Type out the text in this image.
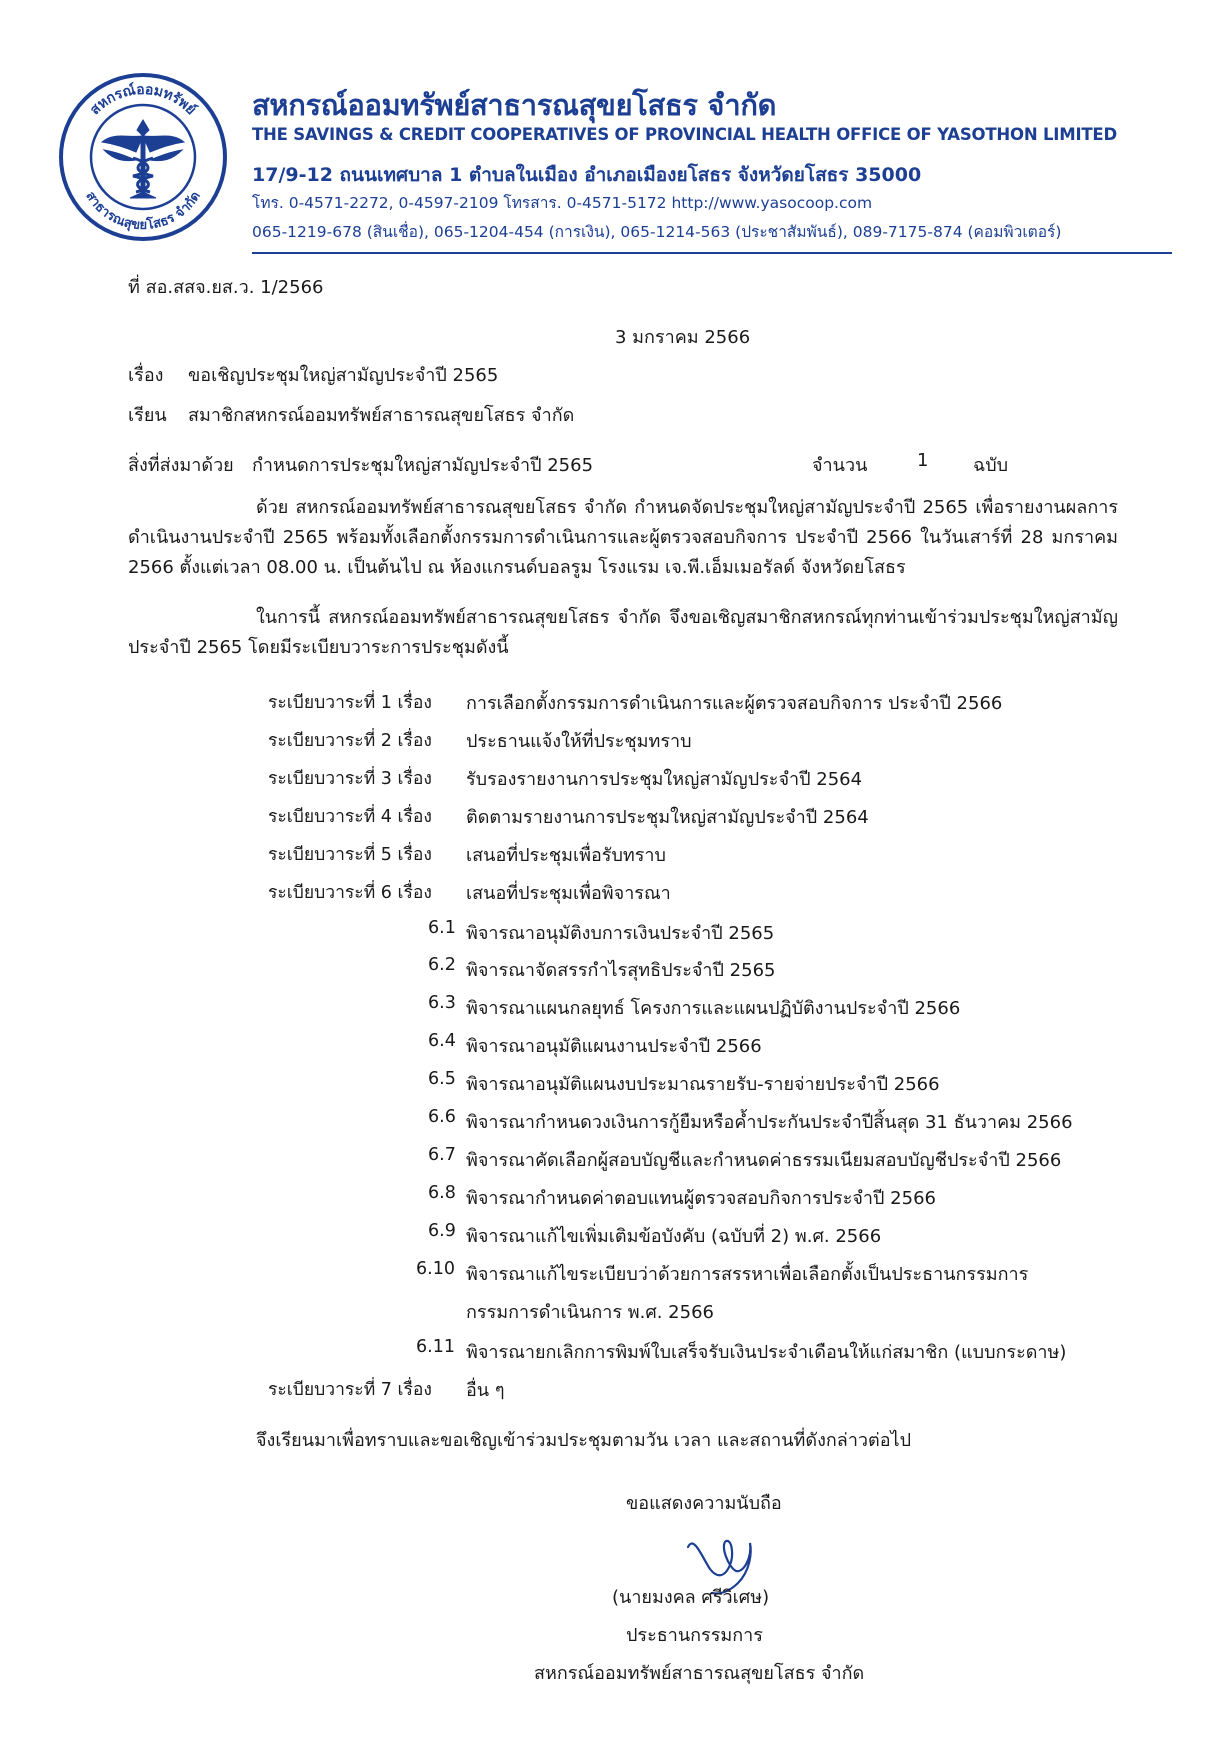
สหกรณ์ออมทรัพย์
สาธารณสุขยโสธร จำกัด
สหกรณ์ออมทรัพย์สาธารณสุขยโสธร จำกัด
THE SAVINGS & CREDIT COOPERATIVES OF PROVINCIAL HEALTH OFFICE OF YASOTHON LIMITED
17/9-12 ถนนเทศบาล 1 ตำบลในเมือง อำเภอเมืองยโสธร จังหวัดยโสธร 35000
โทร. 0-4571-2272, 0-4597-2109 โทรสาร. 0-4571-5172 http://www.yasocoop.com
065-1219-678 (สินเชื่อ), 065-1204-454 (การเงิน), 065-1214-563 (ประชาสัมพันธ์), 089-7175-874 (คอมพิวเตอร์)
ที่ สอ.สสจ.ยส.ว. 1/2566
3 มกราคม 2566
เรื่อง ขอเชิญประชุมใหญ่สามัญประจำปี 2565
เรียน สมาชิกสหกรณ์ออมทรัพย์สาธารณสุขยโสธร จำกัด
สิ่งที่ส่งมาด้วย กำหนดการประชุมใหญ่สามัญประจำปี 2565	จำนวน	1 ฉบับ
ด้วย สหกรณ์ออมทรัพย์สาธารณสุขยโสธร จำกัด กำหนดจัดประชุมใหญ่สามัญประจำปี 2565 เพื่อรายงานผลการดำเนินงานประจำปี 2565 พร้อมทั้งเลือกตั้งกรรมการดำเนินการและผู้ตรวจสอบกิจการ ประจำปี 2566 ในวันเสาร์ที่ 28 มกราคม 2566 ตั้งแต่เวลา 08.00 น. เป็นต้นไป ณ ห้องแกรนด์บอลรูม โรงแรม เจ.พี.เอ็มเมอรัลด์ จังหวัดยโสธร
ในการนี้ สหกรณ์ออมทรัพย์สาธารณสุขยโสธร จำกัด จึงขอเชิญสมาชิกสหกรณ์ทุกท่านเข้าร่วมประชุมใหญ่สามัญประจำปี 2565 โดยมีระเบียบวาระการประชุมดังนี้
ระเบียบวาระที่ 1 เรื่อง การเลือกตั้งกรรมการดำเนินการและผู้ตรวจสอบกิจการ ประจำปี 2566
ระเบียบวาระที่ 2 เรื่อง ประธานแจ้งให้ที่ประชุมทราบ
ระเบียบวาระที่ 3 เรื่อง รับรองรายงานการประชุมใหญ่สามัญประจำปี 2564
ระเบียบวาระที่ 4 เรื่อง ติดตามรายงานการประชุมใหญ่สามัญประจำปี 2564
ระเบียบวาระที่ 5 เรื่อง เสนอที่ประชุมเพื่อรับทราบ
ระเบียบวาระที่ 6 เรื่อง เสนอที่ประชุมเพื่อพิจารณา
6.1 พิจารณาอนุมัติงบการเงินประจำปี 2565
6.2 พิจารณาจัดสรรกำไรสุทธิประจำปี 2565
6.3 พิจารณาแผนกลยุทธ์ โครงการและแผนปฏิบัติงานประจำปี 2566
6.4 พิจารณาอนุมัติแผนงานประจำปี 2566
6.5 พิจารณาอนุมัติแผนงบประมาณรายรับ-รายจ่ายประจำปี 2566
6.6 พิจารณากำหนดวงเงินการกู้ยืมหรือค้ำประกันประจำปีสิ้นสุด 31 ธันวาคม 2566
6.7 พิจารณาคัดเลือกผู้สอบบัญชีและกำหนดค่าธรรมเนียมสอบบัญชีประจำปี 2566
6.8 พิจารณากำหนดค่าตอบแทนผู้ตรวจสอบกิจการประจำปี 2566
6.9 พิจารณาแก้ไขเพิ่มเติมข้อบังคับ (ฉบับที่ 2) พ.ศ. 2566
6.10 พิจารณาแก้ไขระเบียบว่าด้วยการสรรหาเพื่อเลือกตั้งเป็นประธานกรรมการ
กรรมการดำเนินการ พ.ศ. 2566
6.11 พิจารณายกเลิกการพิมพ์ใบเสร็จรับเงินประจำเดือนให้แก่สมาชิก (แบบกระดาษ)
ระเบียบวาระที่ 7 เรื่อง อื่น ๆ
จึงเรียนมาเพื่อทราบและขอเชิญเข้าร่วมประชุมตามวัน เวลา และสถานที่ดังกล่าวต่อไป
ขอแสดงความนับถือ
(นายมงคล ศรีวิเศษ)
ประธานกรรมการ
สหกรณ์ออมทรัพย์สาธารณสุขยโสธร จำกัด
